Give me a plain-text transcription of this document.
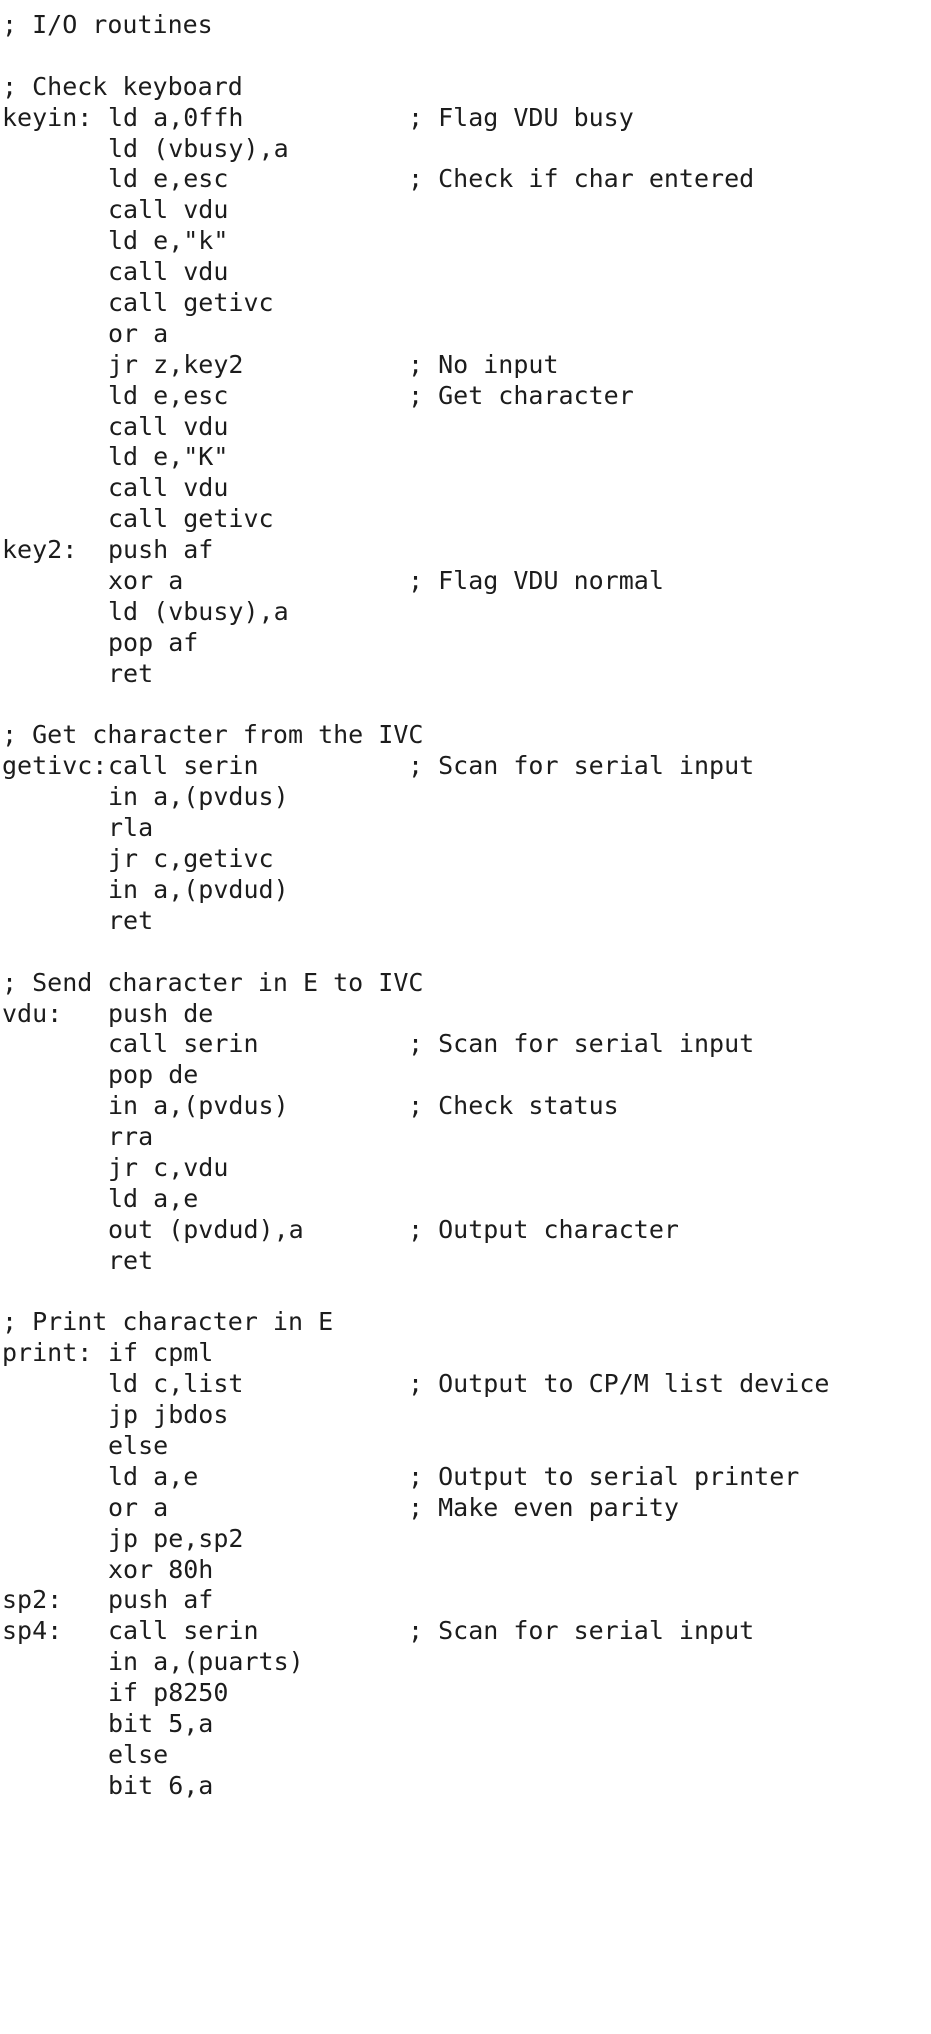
; I/O routines
; Check keyboard
keyin: ld a,0ffh	; Flag VDU busy
ld (vbusy),a
ld e,esc	; Check if char entered
call vdu
ld e,"k"
call vdu
call getivc
or a
jr z,key2	; No input
ld e,esc	; Get character
call vdu
ld e,"K"
call vdu
call getivc
key2: push af
xor a	; Flag VDU normal
ld (vbusy),a
pop af
ret
; Get character from the IVC
getivc:call serin	; Scan for serial input
in a,(pvdus)
rla
jr c,getivc
in a,(pvdud)
ret
; Send character in E to IVC
vdu: push de
call serin	; Scan for serial input
pop de
in a,(pvdus)	; Check status
rra
jr c,vdu
ld a,e
out (pvdud),a	; Output character
ret
; Print character in E
print: if cpml
ld c,list	; Output to CP/M list device
jp jbdos
else
ld a,e	; Output to serial printer
or a	; Make even parity
jp pe,sp2
xor 80h
sp2: push af
sp4: call serin	; Scan for serial input
in a,(puarts)
if p8250
bit 5,a
else
bit 6,a
